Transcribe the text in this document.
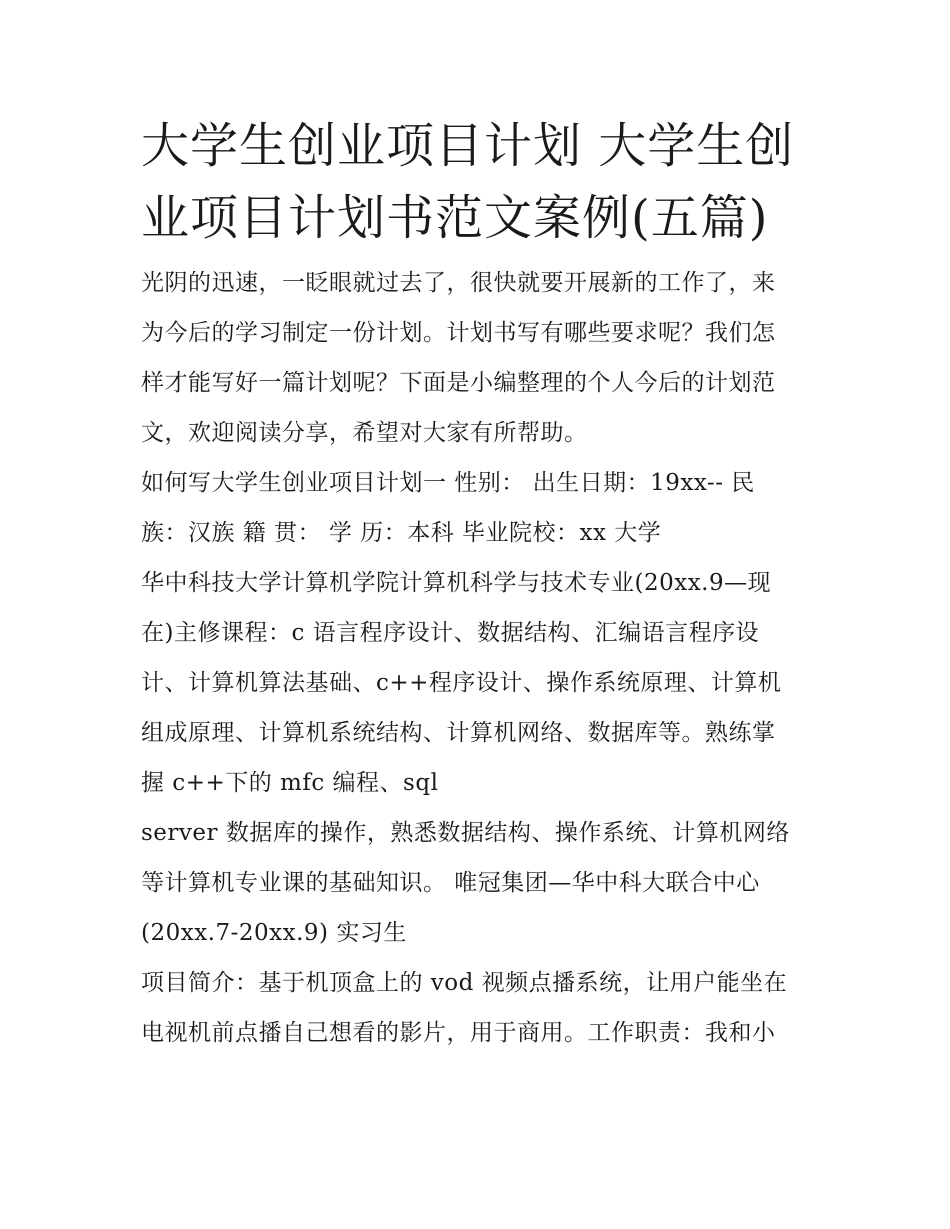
大学生创业项目计划 大学生创
业项目计划书范文案例(五篇)

光阴的迅速，一眨眼就过去了，很快就要开展新的工作了，来
为今后的学习制定一份计划。计划书写有哪些要求呢？我们怎
样才能写好一篇计划呢？下面是小编整理的个人今后的计划范
文，欢迎阅读分享，希望对大家有所帮助。

如何写大学生创业项目计划一 性别： 出生日期：19xx-- 民
族：汉族 籍 贯： 学 历：本科 毕业院校：xx 大学

华中科技大学计算机学院计算机科学与技术专业(20xx.9—现
在)主修课程：c 语言程序设计、数据结构、汇编语言程序设
计、计算机算法基础、c++程序设计、操作系统原理、计算机
组成原理、计算机系统结构、计算机网络、数据库等。熟练掌
握 c++下的 mfc 编程、sql

server 数据库的操作，熟悉数据结构、操作系统、计算机网络
等计算机专业课的基础知识。 唯冠集团—华中科大联合中心
(20xx.7-20xx.9) 实习生

项目简介：基于机顶盒上的 vod 视频点播系统，让用户能坐在
电视机前点播自己想看的影片，用于商用。工作职责：我和小
